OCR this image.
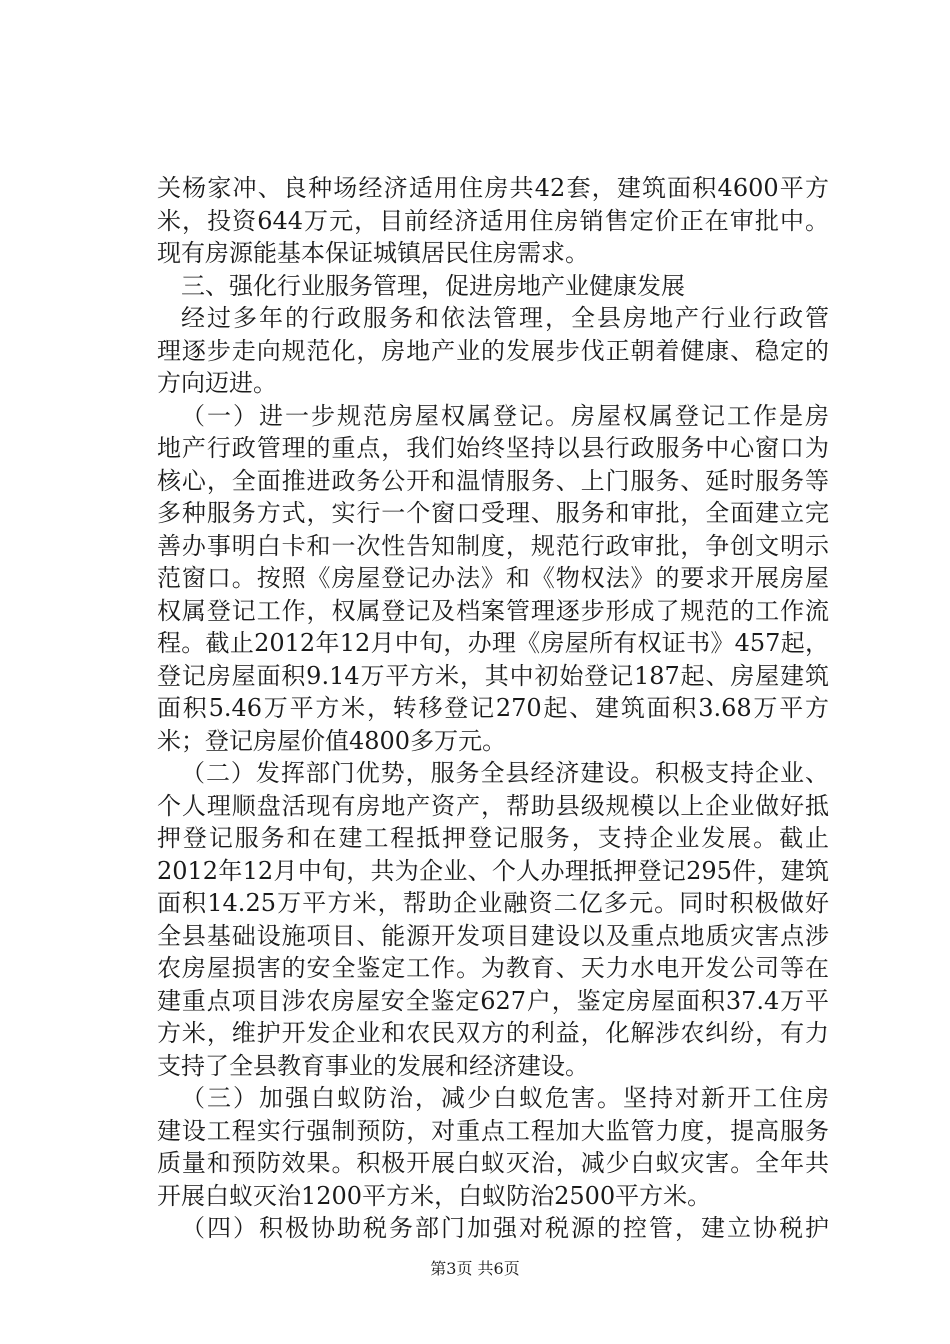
关杨家冲、良种场经济适用住房共42套，建筑面积4600平方
米，投资644万元，目前经济适用住房销售定价正在审批中。
现有房源能基本保证城镇居民住房需求。
三、强化行业服务管理，促进房地产业健康发展
经过多年的行政服务和依法管理，全县房地产行业行政管
理逐步走向规范化，房地产业的发展步伐正朝着健康、稳定的
方向迈进。
（一）进一步规范房屋权属登记。房屋权属登记工作是房
地产行政管理的重点，我们始终坚持以县行政服务中心窗口为
核心，全面推进政务公开和温情服务、上门服务、延时服务等
多种服务方式，实行一个窗口受理、服务和审批，全面建立完
善办事明白卡和一次性告知制度，规范行政审批，争创文明示
范窗口。按照《房屋登记办法》和《物权法》的要求开展房屋
权属登记工作，权属登记及档案管理逐步形成了规范的工作流
程。截止2012年12月中旬，办理《房屋所有权证书》457起，
登记房屋面积9.14万平方米，其中初始登记187起、房屋建筑
面积5.46万平方米，转移登记270起、建筑面积3.68万平方
米；登记房屋价值4800多万元。
（二）发挥部门优势，服务全县经济建设。积极支持企业、
个人理顺盘活现有房地产资产，帮助县级规模以上企业做好抵
押登记服务和在建工程抵押登记服务，支持企业发展。截止
2012年12月中旬，共为企业、个人办理抵押登记295件，建筑
面积14.25万平方米，帮助企业融资二亿多元。同时积极做好
全县基础设施项目、能源开发项目建设以及重点地质灾害点涉
农房屋损害的安全鉴定工作。为教育、天力水电开发公司等在
建重点项目涉农房屋安全鉴定627户，鉴定房屋面积37.4万平
方米，维护开发企业和农民双方的利益，化解涉农纠纷，有力
支持了全县教育事业的发展和经济建设。
（三）加强白蚁防治，减少白蚁危害。坚持对新开工住房
建设工程实行强制预防，对重点工程加大监管力度，提高服务
质量和预防效果。积极开展白蚁灭治，减少白蚁灾害。全年共
开展白蚁灭治1200平方米，白蚁防治2500平方米。
（四）积极协助税务部门加强对税源的控管，建立协税护
第3页 共6页
